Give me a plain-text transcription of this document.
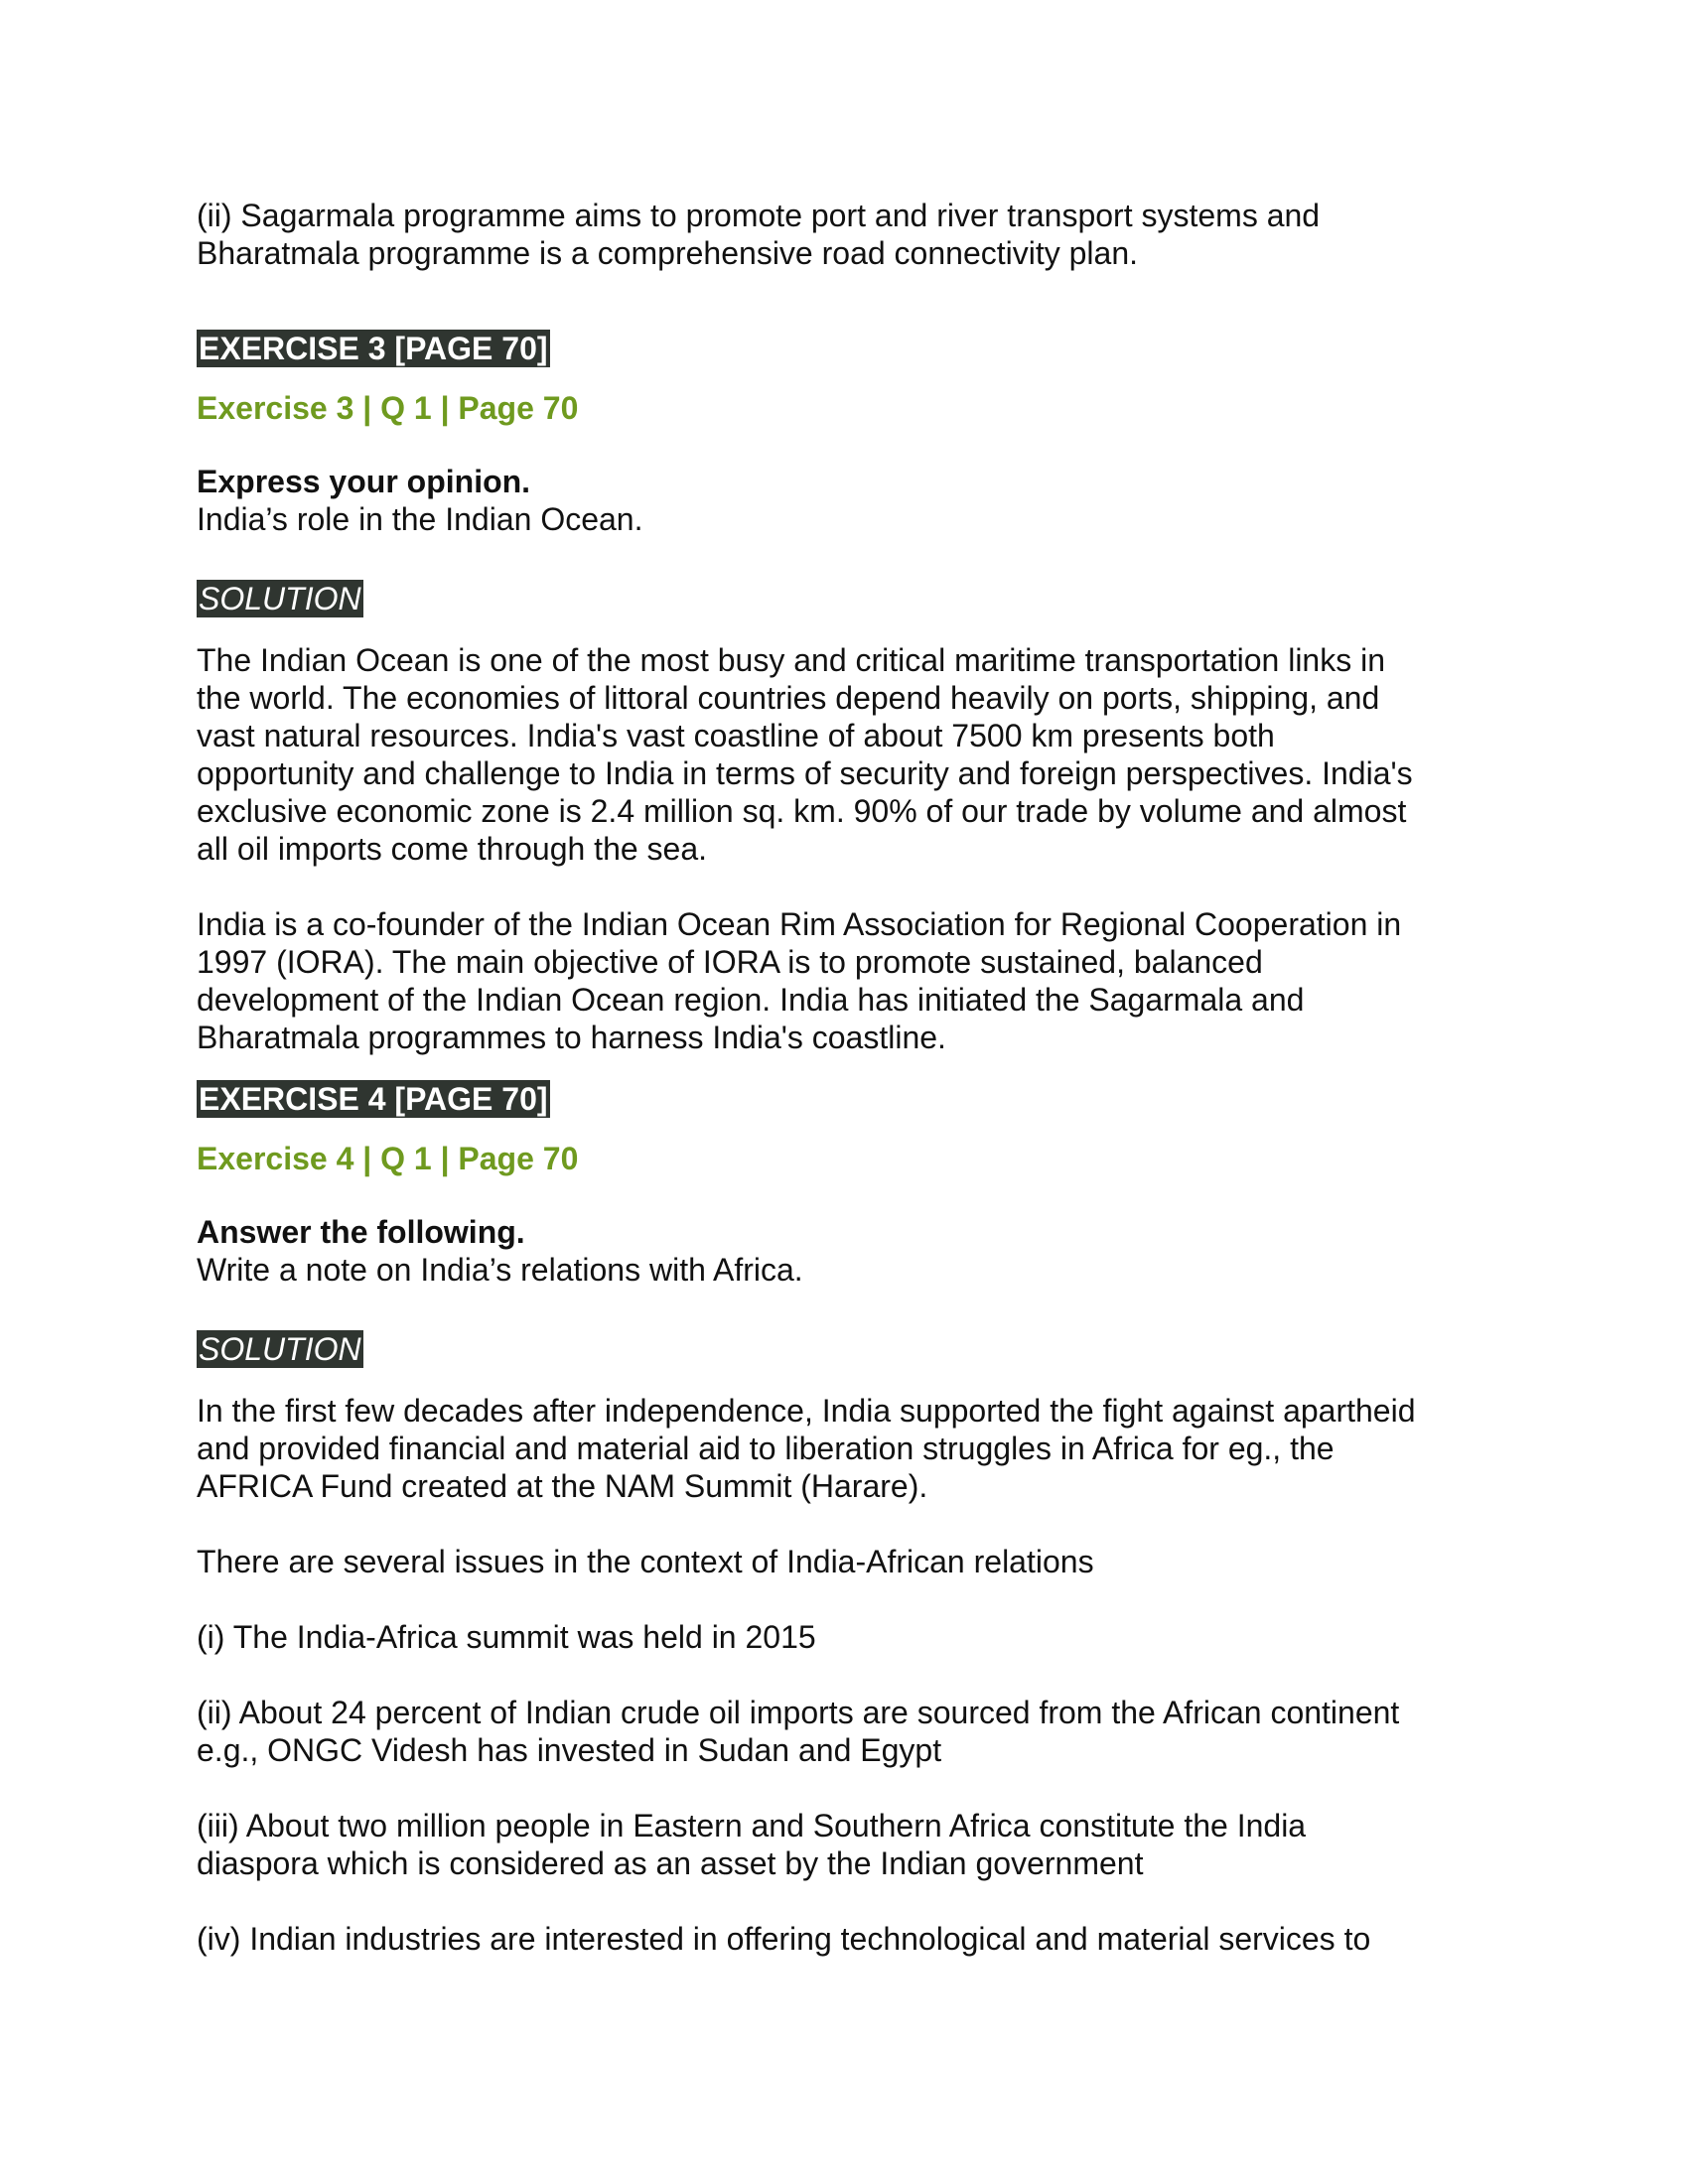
(ii) Sagarmala programme aims to promote port and river transport systems and

Bharatmala programme is a comprehensive road connectivity plan.

EXERCISE 3 [PAGE 70]

Exercise 3 | Q 1 | Page 70

Express your opinion.

India’s role in the Indian Ocean.

SOLUTION

The Indian Ocean is one of the most busy and critical maritime transportation links in

the world. The economies of littoral countries depend heavily on ports, shipping, and

vast natural resources. India's vast coastline of about 7500 km presents both

opportunity and challenge to India in terms of security and foreign perspectives. India's

exclusive economic zone is 2.4 million sq. km. 90% of our trade by volume and almost

all oil imports come through the sea.

India is a co-founder of the Indian Ocean Rim Association for Regional Cooperation in

1997 (IORA). The main objective of IORA is to promote sustained, balanced

development of the Indian Ocean region. India has initiated the Sagarmala and

Bharatmala programmes to harness India's coastline.

EXERCISE 4 [PAGE 70]

Exercise 4 | Q 1 | Page 70

Answer the following.

Write a note on India’s relations with Africa.

SOLUTION

In the first few decades after independence, India supported the fight against apartheid

and provided financial and material aid to liberation struggles in Africa for eg., the

AFRICA Fund created at the NAM Summit (Harare).

There are several issues in the context of India-African relations

(i) The India-Africa summit was held in 2015

(ii) About 24 percent of Indian crude oil imports are sourced from the African continent

e.g., ONGC Videsh has invested in Sudan and Egypt

(iii) About two million people in Eastern and Southern Africa constitute the India

diaspora which is considered as an asset by the Indian government

(iv) Indian industries are interested in offering technological and material services to
